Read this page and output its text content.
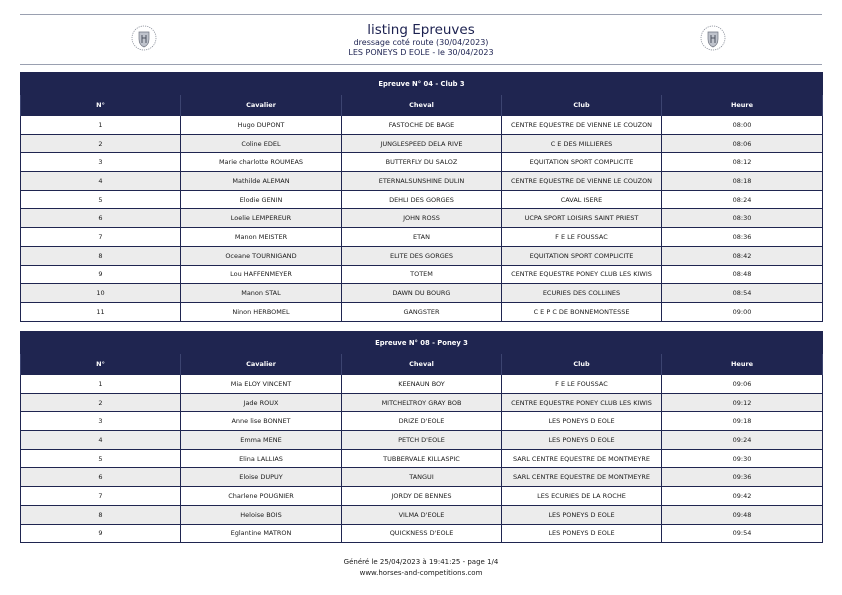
listing Epreuves
dressage coté route (30/04/2023)
LES PONEYS D EOLE - le 30/04/2023
Epreuve N° 04 - Club 3				
N°	Cavalier	Cheval	Club	Heure
1	Hugo DUPONT	FASTOCHE DE BAGE	CENTRE EQUESTRE DE VIENNE LE COUZON	08:00
2	Coline EDEL	JUNGLESPEED DELA RIVE	C E DES MILLIERES	08:06
3	Marie charlotte ROUMEAS	BUTTERFLY DU SALOZ	EQUITATION SPORT COMPLICITE	08:12
4	Mathilde ALEMAN	ETERNALSUNSHINE DULIN	CENTRE EQUESTRE DE VIENNE LE COUZON	08:18
5	Elodie GENIN	DEHLI DES GORGES	CAVAL ISERE	08:24
6	Loelie LEMPEREUR	JOHN ROSS	UCPA SPORT LOISIRS SAINT PRIEST	08:30
7	Manon MEISTER	ETAN	F E LE FOUSSAC	08:36
8	Oceane TOURNIGAND	ELITE DES GORGES	EQUITATION SPORT COMPLICITE	08:42
9	Lou HAFFENMEYER	TOTEM	CENTRE EQUESTRE PONEY CLUB LES KIWIS	08:48
10	Manon STAL	DAWN DU BOURG	ECURIES DES COLLINES	08:54
11	Ninon HERBOMEL	GANGSTER	C E P C DE BONNEMONTESSE	09:00
Epreuve N° 08 - Poney 3				
N°	Cavalier	Cheval	Club	Heure
1	Mia ELOY VINCENT	KEENAUN BOY	F E LE FOUSSAC	09:06
2	Jade ROUX	MITCHELTROY GRAY BOB	CENTRE EQUESTRE PONEY CLUB LES KIWIS	09:12
3	Anne lise BONNET	DRIZE D'EOLE	LES PONEYS D EOLE	09:18
4	Emma MENE	PETCH D'EOLE	LES PONEYS D EOLE	09:24
5	Elina LALLIAS	TUBBERVALE KILLASPIC	SARL CENTRE EQUESTRE DE MONTMEYRE	09:30
6	Eloise DUPUY	TANGUI	SARL CENTRE EQUESTRE DE MONTMEYRE	09:36
7	Charlene POUGNIER	JORDY DE BENNES	LES ECURIES DE LA ROCHE	09:42
8	Heloise BOIS	VILMA D'EOLE	LES PONEYS D EOLE	09:48
9	Eglantine MATRON	QUICKNESS D'EOLE	LES PONEYS D EOLE	09:54
Généré le 25/04/2023 à 19:41:25 - page 1/4
www.horses-and-competitions.com
